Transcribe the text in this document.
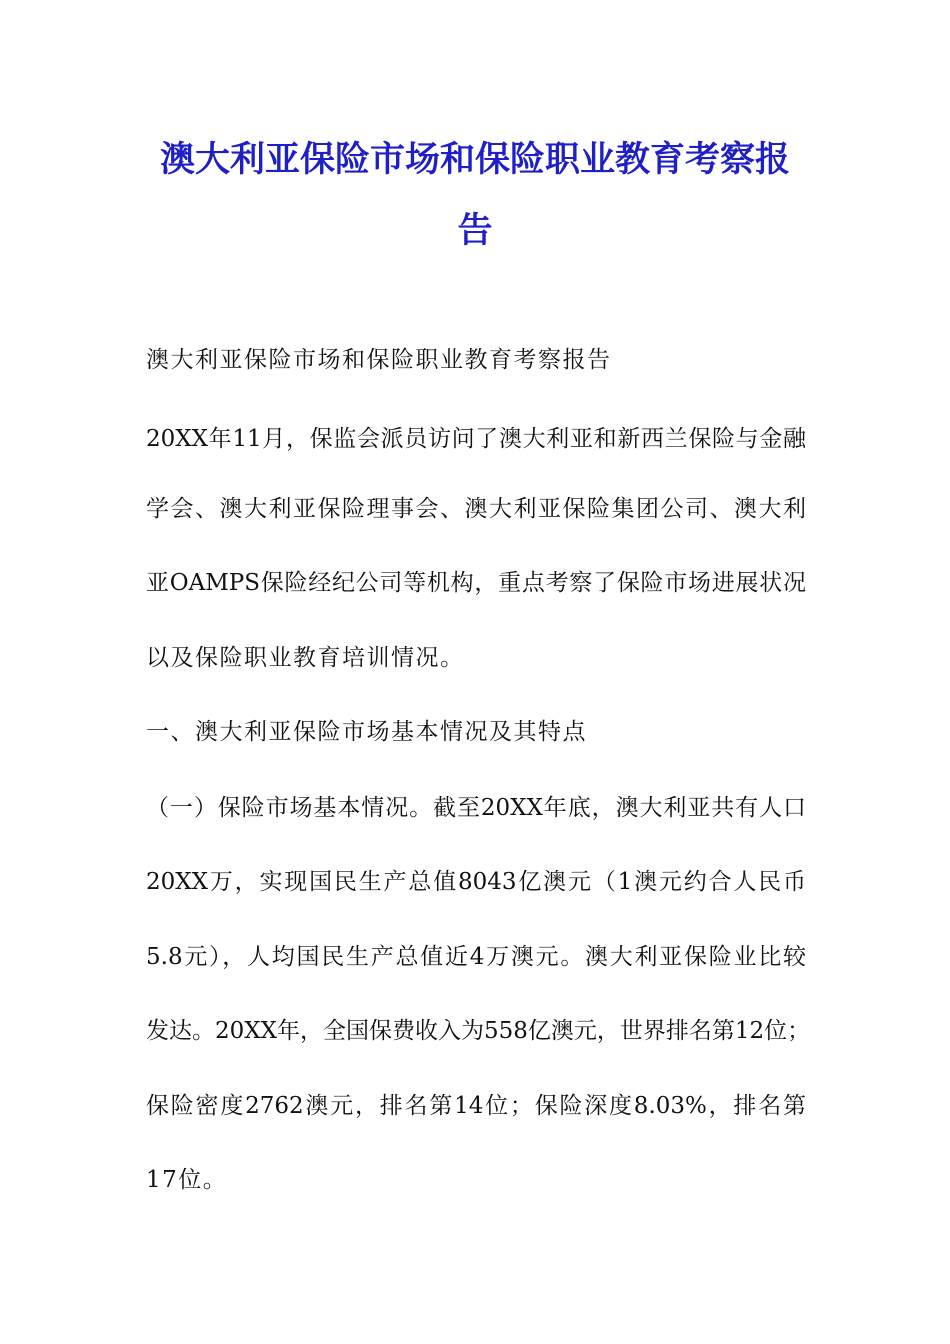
澳大利亚保险市场和保险职业教育考察报
告

澳大利亚保险市场和保险职业教育考察报告

20XX年11月，保监会派员访问了澳大利亚和新西兰保险与金融

学会、澳大利亚保险理事会、澳大利亚保险集团公司、澳大利

亚OAMPS保险经纪公司等机构，重点考察了保险市场进展状况

以及保险职业教育培训情况。

一、澳大利亚保险市场基本情况及其特点

（一）保险市场基本情况。截至20XX年底，澳大利亚共有人口

20XX万，实现国民生产总值8043亿澳元（1澳元约合人民币

5.8元），人均国民生产总值近4万澳元。澳大利亚保险业比较

发达。20XX年，全国保费收入为558亿澳元，世界排名第12位；

保险密度2762澳元，排名第14位；保险深度8.03%，排名第

17位。
